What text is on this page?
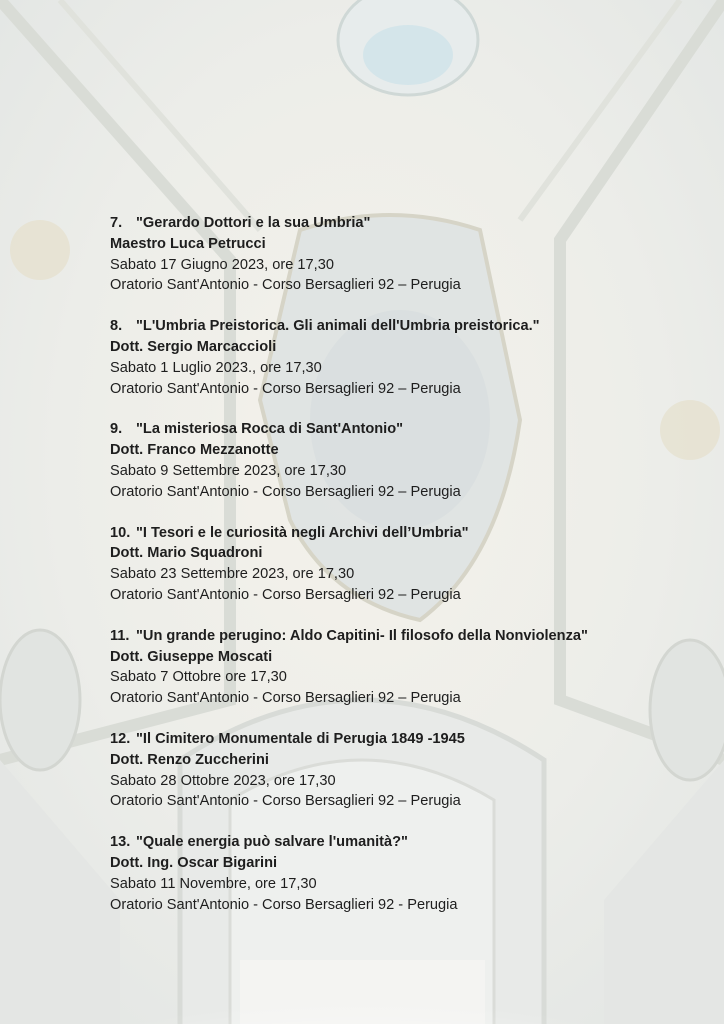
7. "Gerardo Dottori e la sua Umbria"
Maestro Luca Petrucci
Sabato 17 Giugno 2023, ore 17,30
Oratorio Sant'Antonio - Corso Bersaglieri 92 – Perugia
8. "L'Umbria Preistorica. Gli animali dell'Umbria preistorica."
Dott. Sergio Marcaccioli
Sabato 1 Luglio 2023., ore 17,30
Oratorio Sant'Antonio - Corso Bersaglieri 92 – Perugia
9. "La misteriosa Rocca di Sant'Antonio"
Dott. Franco Mezzanotte
Sabato 9 Settembre 2023, ore 17,30
Oratorio Sant'Antonio - Corso Bersaglieri 92 – Perugia
10. "I Tesori e le curiosità negli Archivi dell’Umbria"
Dott. Mario Squadroni
Sabato 23 Settembre 2023, ore 17,30
Oratorio Sant'Antonio - Corso Bersaglieri 92 – Perugia
11. "Un grande perugino: Aldo Capitini- Il filosofo della Nonviolenza"
Dott. Giuseppe Moscati
Sabato 7 Ottobre ore 17,30
Oratorio Sant'Antonio - Corso Bersaglieri 92 – Perugia
12. "Il Cimitero Monumentale di Perugia 1849 -1945
Dott. Renzo Zuccherini
Sabato 28 Ottobre 2023, ore 17,30
Oratorio Sant'Antonio - Corso Bersaglieri 92 – Perugia
13. "Quale energia può salvare l'umanità?"
Dott. Ing. Oscar Bigarini
Sabato 11 Novembre, ore 17,30
Oratorio Sant'Antonio - Corso Bersaglieri 92 - Perugia
